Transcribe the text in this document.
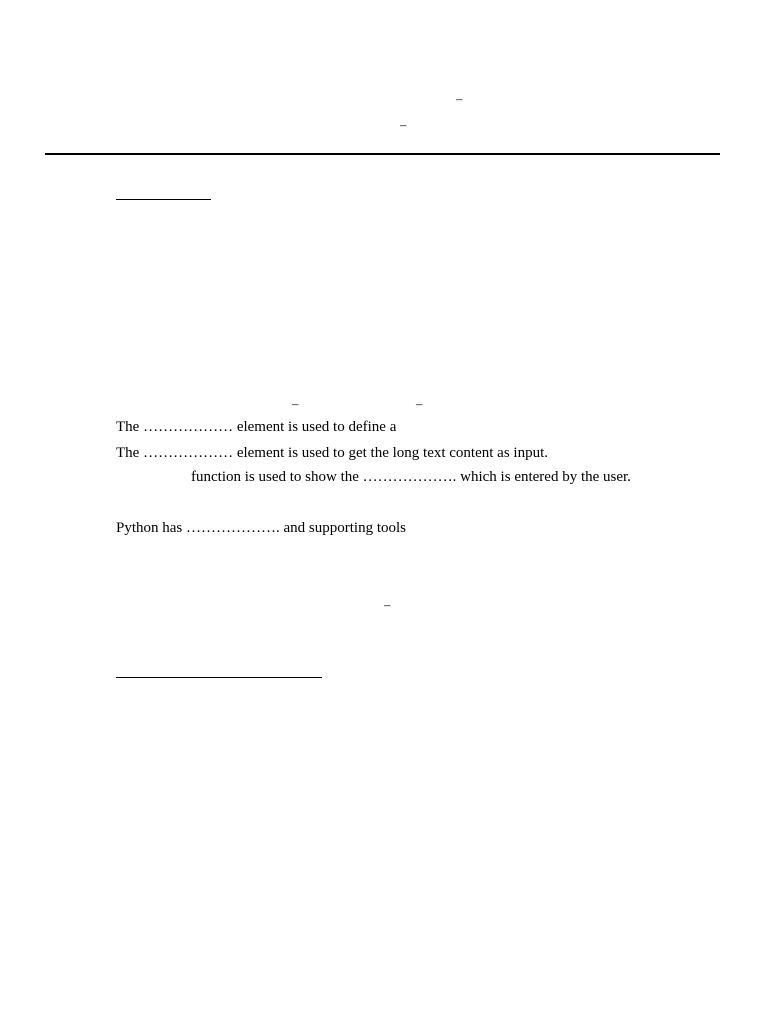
–
–
–	–
The ……………… element is used to define a
The ……………… element is used to get the long text content as input.
function is used to show the ………………. which is entered by the user.
Python has ………………. and supporting tools
–
